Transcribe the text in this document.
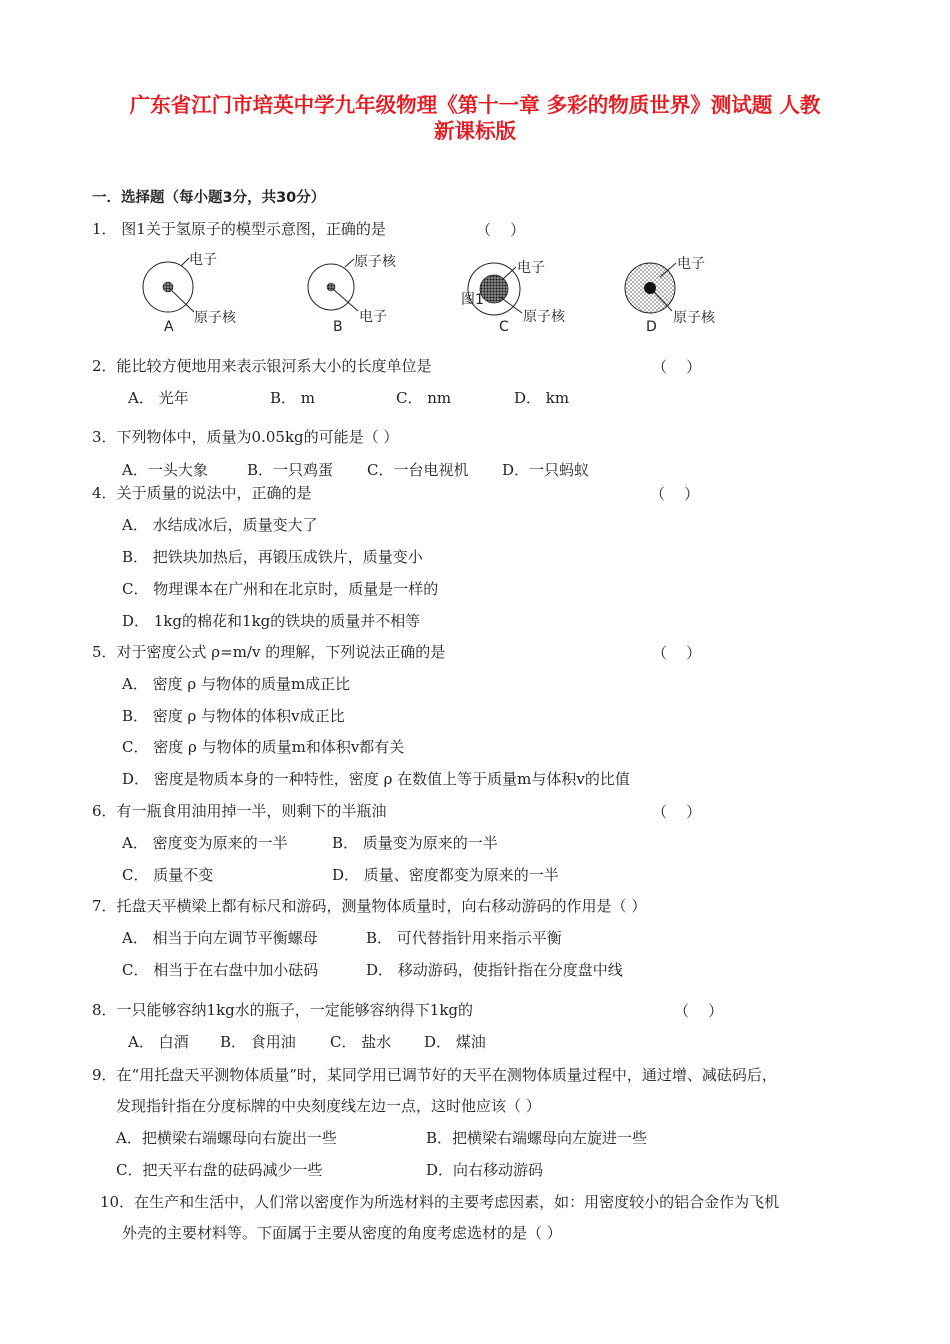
广东省江门市培英中学九年级物理《第十一章 多彩的物质世界》测试题 人教
新课标版
一．选择题（每小题3分，共30分）
1． 图1关于氢原子的模型示意图，正确的是	（    ）
电子
原子核
A
原子核
电子
B
电子
原子核
图1
C
电子
原子核
D
2．能比较方便地用来表示银河系大小的长度单位是	（    ）
A． 光年	B． m	C． nm	D． km
3．下列物体中，质量为0.05kg的可能是（ ）
A．一头大象	B．一只鸡蛋 C．一台电视机 D．一只蚂蚁
4．关于质量的说法中，正确的是	（    ）
A． 水结成冰后，质量变大了
B． 把铁块加热后，再锻压成铁片，质量变小
C． 物理课本在广州和在北京时，质量是一样的
D． 1kg的棉花和1kg的铁块的质量并不相等
5．对于密度公式 ρ=m/v 的理解，下列说法正确的是	（    ）
A． 密度 ρ 与物体的质量m成正比
B． 密度 ρ 与物体的体积v成正比
C． 密度 ρ 与物体的质量m和体积v都有关
D． 密度是物质本身的一种特性，密度 ρ 在数值上等于质量m与体积v的比值
6．有一瓶食用油用掉一半，则剩下的半瓶油	（    ）
A． 密度变为原来的一半	B． 质量变为原来的一半
C． 质量不变	D． 质量、密度都变为原来的一半
7．托盘天平横梁上都有标尺和游码，测量物体质量时，向右移动游码的作用是（ ）
A． 相当于向左调节平衡螺母	B． 可代替指针用来指示平衡
C． 相当于在右盘中加小砝码	D． 移动游码，使指针指在分度盘中线
8．一只能够容纳1kg水的瓶子，一定能够容纳得下1kg的	（    ）
A． 白酒 B． 食用油 C． 盐水 D． 煤油
9．在“用托盘天平测物体质量”时，某同学用已调节好的天平在测物体质量过程中，通过增、减砝码后，
发现指针指在分度标牌的中央刻度线左边一点，这时他应该（ ）
A．把横梁右端螺母向右旋出一些	B．把横梁右端螺母向左旋进一些
C．把天平右盘的砝码减少一些	D．向右移动游码
10．在生产和生活中，人们常以密度作为所选材料的主要考虑因素，如：用密度较小的铝合金作为飞机
外壳的主要材料等。下面属于主要从密度的角度考虑选材的是（ ）
